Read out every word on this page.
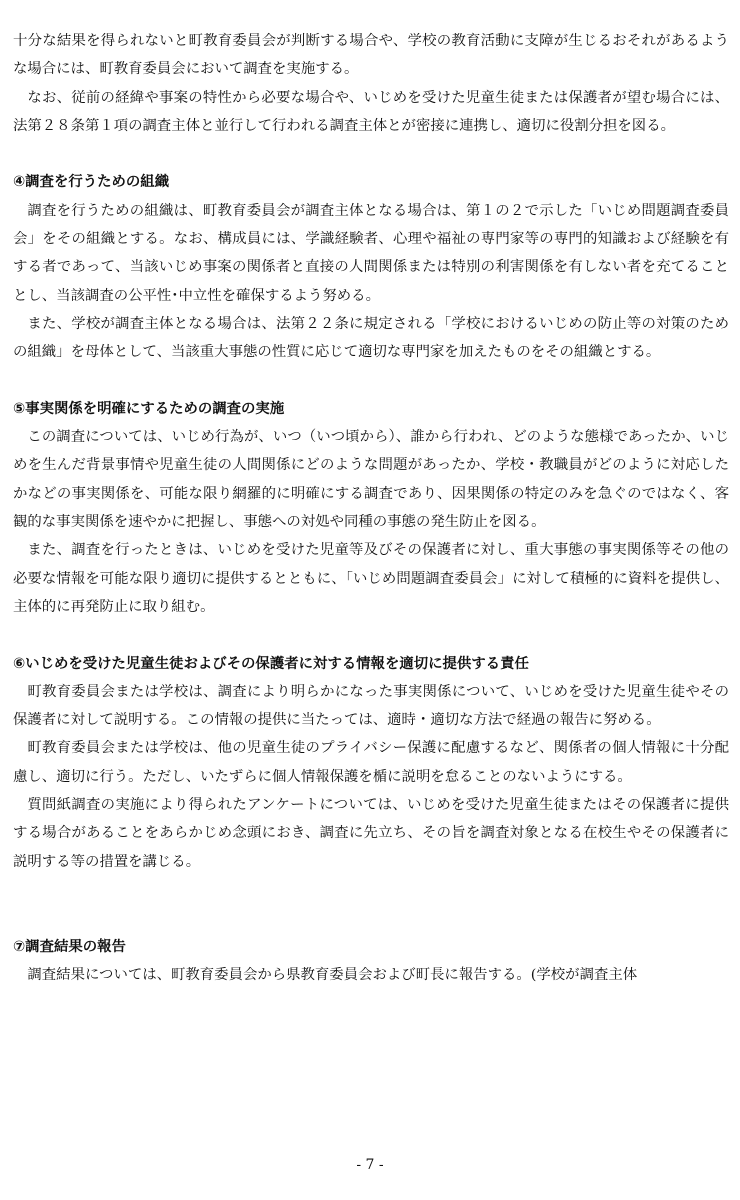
十分な結果を得られないと町教育委員会が判断する場合や、学校の教育活動に支障が生じるおそれがあるような場合には、町教育委員会において調査を実施する。

なお、従前の経緯や事案の特性から必要な場合や、いじめを受けた児童生徒または保護者が望む場合には、法第２８条第１項の調査主体と並行して行われる調査主体とが密接に連携し、適切に役割分担を図る。

④調査を行うための組織

調査を行うための組織は、町教育委員会が調査主体となる場合は、第１の２で示した「いじめ問題調査委員会」をその組織とする。なお、構成員には、学識経験者、心理や福祉の専門家等の専門的知識および経験を有する者であって、当該いじめ事案の関係者と直接の人間関係または特別の利害関係を有しない者を充てることとし、当該調査の公平性･中立性を確保するよう努める。

また、学校が調査主体となる場合は、法第２２条に規定される「学校におけるいじめの防止等の対策のための組織」を母体として、当該重大事態の性質に応じて適切な専門家を加えたものをその組織とする。

⑤事実関係を明確にするための調査の実施

この調査については、いじめ行為が、いつ（いつ頃から）、誰から行われ、どのような態様であったか、いじめを生んだ背景事情や児童生徒の人間関係にどのような問題があったか、学校・教職員がどのように対応したかなどの事実関係を、可能な限り網羅的に明確にする調査であり、因果関係の特定のみを急ぐのではなく、客観的な事実関係を速やかに把握し、事態への対処や同種の事態の発生防止を図る。

また、調査を行ったときは、いじめを受けた児童等及びその保護者に対し、重大事態の事実関係等その他の必要な情報を可能な限り適切に提供するとともに、「いじめ問題調査委員会」に対して積極的に資料を提供し、主体的に再発防止に取り組む。

⑥いじめを受けた児童生徒およびその保護者に対する情報を適切に提供する責任

町教育委員会または学校は、調査により明らかになった事実関係について、いじめを受けた児童生徒やその保護者に対して説明する。この情報の提供に当たっては、適時・適切な方法で経過の報告に努める。

町教育委員会または学校は、他の児童生徒のプライバシー保護に配慮するなど、関係者の個人情報に十分配慮し、適切に行う。ただし、いたずらに個人情報保護を楯に説明を怠ることのないようにする。

質問紙調査の実施により得られたアンケートについては、いじめを受けた児童生徒またはその保護者に提供する場合があることをあらかじめ念頭におき、調査に先立ち、その旨を調査対象となる在校生やその保護者に説明する等の措置を講じる。

⑦調査結果の報告

調査結果については、町教育委員会から県教育委員会および町長に報告する。(学校が調査主体

- 7 -
